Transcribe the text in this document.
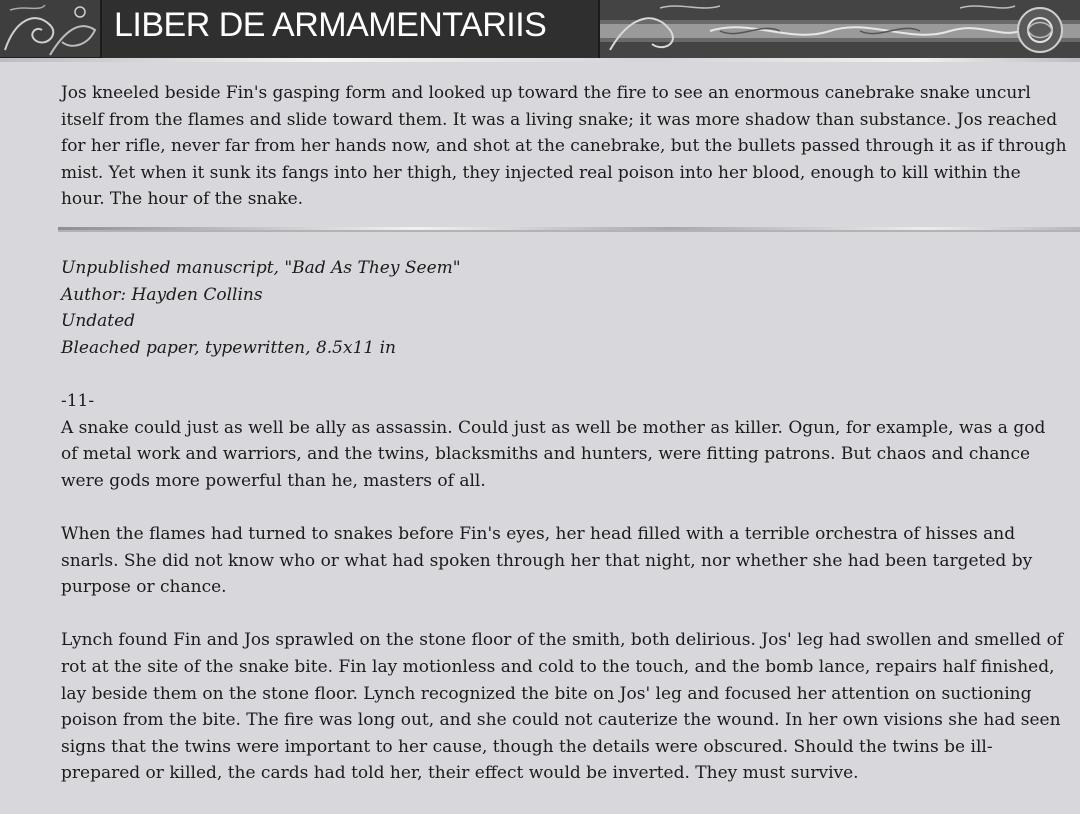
LIBER DE ARMAMENTARIIS

Jos kneeled beside Fin's gasping form and looked up toward the fire to see an enormous canebrake snake uncurl itself from the flames and slide toward them. It was a living snake; it was more shadow than substance. Jos reached for her rifle, never far from her hands now, and shot at the canebrake, but the bullets passed through it as if through mist. Yet when it sunk its fangs into her thigh, they injected real poison into her blood, enough to kill within the hour. The hour of the snake.

Unpublished manuscript, "Bad As They Seem"
Author: Hayden Collins
Undated
Bleached paper, typewritten, 8.5x11 in
-11-

A snake could just as well be ally as assassin. Could just as well be mother as killer. Ogun, for example, was a god of metal work and warriors, and the twins, blacksmiths and hunters, were fitting patrons. But chaos and chance were gods more powerful than he, masters of all.

When the flames had turned to snakes before Fin's eyes, her head filled with a terrible orchestra of hisses and snarls. She did not know who or what had spoken through her that night, nor whether she had been targeted by purpose or chance.

Lynch found Fin and Jos sprawled on the stone floor of the smith, both delirious. Jos' leg had swollen and smelled of rot at the site of the snake bite. Fin lay motionless and cold to the touch, and the bomb lance, repairs half finished, lay beside them on the stone floor. Lynch recognized the bite on Jos' leg and focused her attention on suctioning poison from the bite. The fire was long out, and she could not cauterize the wound. In her own visions she had seen signs that the twins were important to her cause, though the details were obscured. Should the twins be ill-prepared or killed, the cards had told her, their effect would be inverted. They must survive.
